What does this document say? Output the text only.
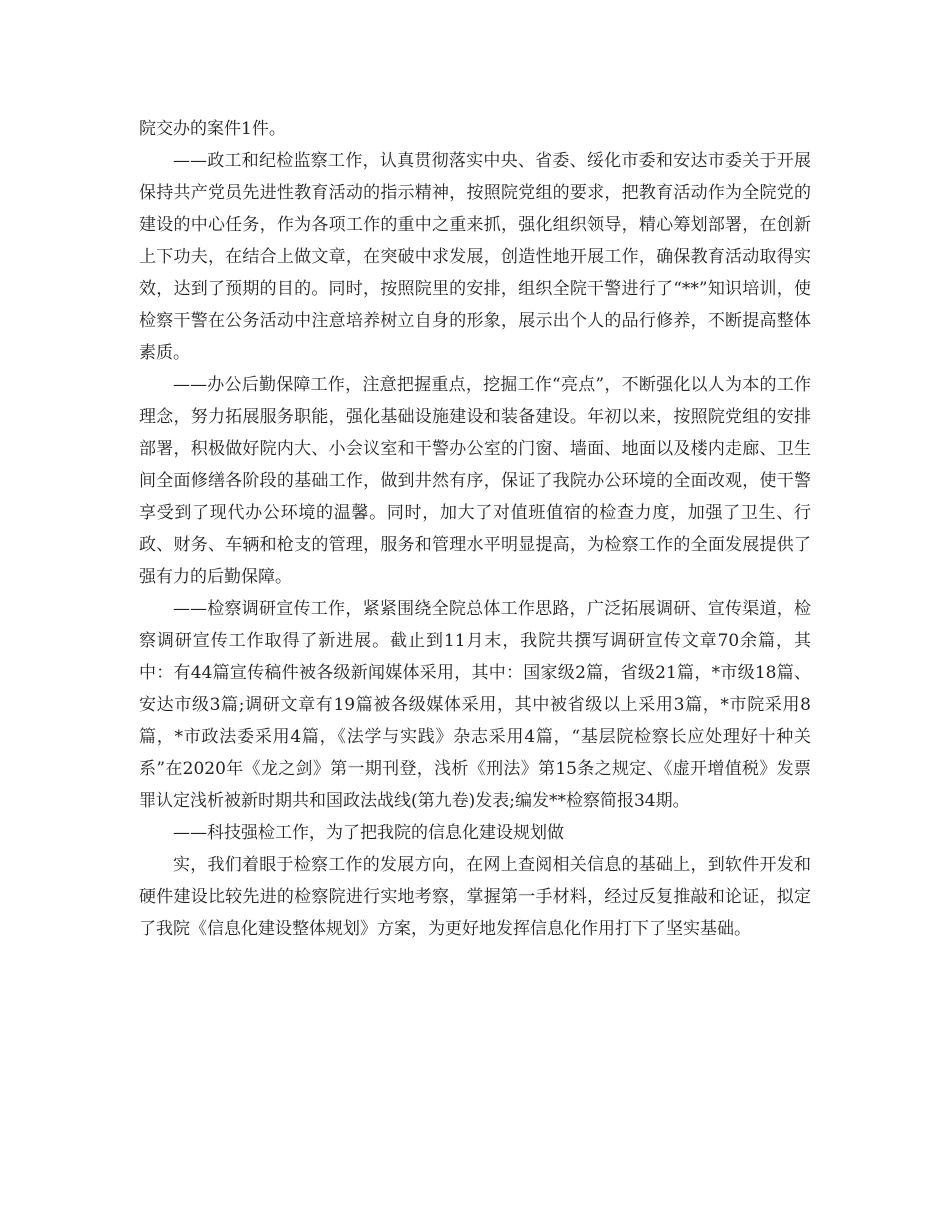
院交办的案件1件。

——政工和纪检监察工作，认真贯彻落实中央、省委、绥化市委和安达市委关于开展保持共产党员先进性教育活动的指示精神，按照院党组的要求，把教育活动作为全院党的建设的中心任务，作为各项工作的重中之重来抓，强化组织领导，精心筹划部署，在创新上下功夫，在结合上做文章，在突破中求发展，创造性地开展工作，确保教育活动取得实效，达到了预期的目的。同时，按照院里的安排，组织全院干警进行了“**”知识培训，使检察干警在公务活动中注意培养树立自身的形象，展示出个人的品行修养，不断提高整体素质。

——办公后勤保障工作，注意把握重点，挖掘工作“亮点”，不断强化以人为本的工作理念，努力拓展服务职能，强化基础设施建设和装备建设。年初以来，按照院党组的安排部署，积极做好院内大、小会议室和干警办公室的门窗、墙面、地面以及楼内走廊、卫生间全面修缮各阶段的基础工作，做到井然有序，保证了我院办公环境的全面改观，使干警享受到了现代办公环境的温馨。同时，加大了对值班值宿的检查力度，加强了卫生、行政、财务、车辆和枪支的管理，服务和管理水平明显提高，为检察工作的全面发展提供了强有力的后勤保障。

——检察调研宣传工作，紧紧围绕全院总体工作思路，广泛拓展调研、宣传渠道，检察调研宣传工作取得了新进展。截止到11月末，我院共撰写调研宣传文章70余篇，其中：有44篇宣传稿件被各级新闻媒体采用，其中：国家级2篇，省级21篇，*市级18篇、安达市级3篇;调研文章有19篇被各级媒体采用，其中被省级以上采用3篇，*市院采用8篇，*市政法委采用4篇，《法学与实践》杂志采用4篇，“基层院检察长应处理好十种关系”在2020年《龙之剑》第一期刊登，浅析《刑法》第15条之规定、《虚开增值税》发票罪认定浅析被新时期共和国政法战线(第九卷)发表;编发**检察简报34期。

——科技强检工作，为了把我院的信息化建设规划做

实，我们着眼于检察工作的发展方向，在网上查阅相关信息的基础上，到软件开发和硬件建设比较先进的检察院进行实地考察，掌握第一手材料，经过反复推敲和论证，拟定了我院《信息化建设整体规划》方案，为更好地发挥信息化作用打下了坚实基础。
